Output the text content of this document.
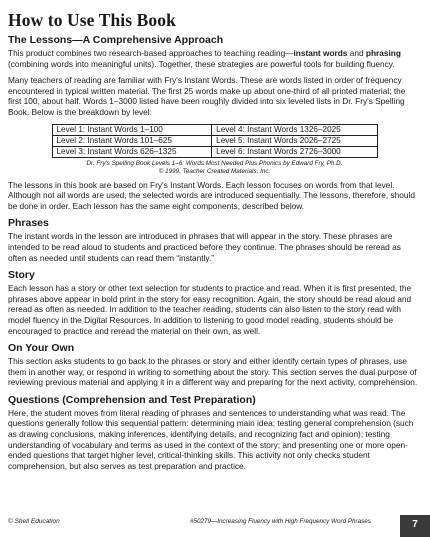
How to Use This Book
The Lessons—A Comprehensive Approach

This product combines two research-based approaches to teaching reading—instant words and phrasing (combining words into meaningful units). Together, these strategies are powerful tools for building fluency.

Many teachers of reading are familiar with Fry's Instant Words. These are words listed in order of frequency encountered in typical written material. The first 25 words make up about one-third of all printed material; the first 100, about half. Words 1–3000 listed have been roughly divided into six leveled lists in Dr. Fry's Spelling Book. Below is the breakdown by level:

Level 1: Instant Words 1–100	Level 4: Instant Words 1326–2025
Level 2: Instant Words 101–625	Level 5: Instant Words 2026–2725
Level 3: Instant Words 626–1325	Level 6: Instant Words 2726–3000
Dr. Fry's Spelling Book Levels 1–6: Words Most Needed Plus Phonics by Edward Fry, Ph.D.
© 1999, Teacher Created Materials, Inc.

The lessons in this book are based on Fry's Instant Words. Each lesson focuses on words from that level. Although not all words are used, the selected words are introduced sequentially. The lessons, therefore, should be done in order. Each lesson has the same eight components, described below.

Phrases

The instant words in the lesson are introduced in phrases that will appear in the story. These phrases are intended to be read aloud to students and practiced before they continue. The phrases should be reread as often as needed until students can read them “instantly.”

Story

Each lesson has a story or other text selection for students to practice and read. When it is first presented, the phrases above appear in bold print in the story for easy recognition. Again, the story should be read aloud and reread as often as needed. In addition to the teacher reading, students can also listen to the story read with model fluency in the Digital Resources. In addition to listening to good model reading, students should be encouraged to practice and reread the material on their own, as well.

On Your Own

This section asks students to go back to the phrases or story and either identify certain types of phrases, use them in another way, or respond in writing to something about the story. This section serves the dual purpose of reviewing previous material and applying it in a different way and preparing for the next activity, comprehension.

Questions (Comprehension and Test Preparation)

Here, the student moves from literal reading of phrases and sentences to understanding what was read. The questions generally follow this sequential pattern: determining main idea; testing general comprehension (such as drawing conclusions, making inferences, identifying details, and recognizing fact and opinion); testing understanding of vocabulary and terms as used in the context of the story; and presenting one or more open-ended questions that target higher level, critical-thinking skills. This activity not only checks student comprehension, but also serves as test preparation and practice.

© Shell Education	#50279—Increasing Fluency with High Frequency Word Phrases	7
